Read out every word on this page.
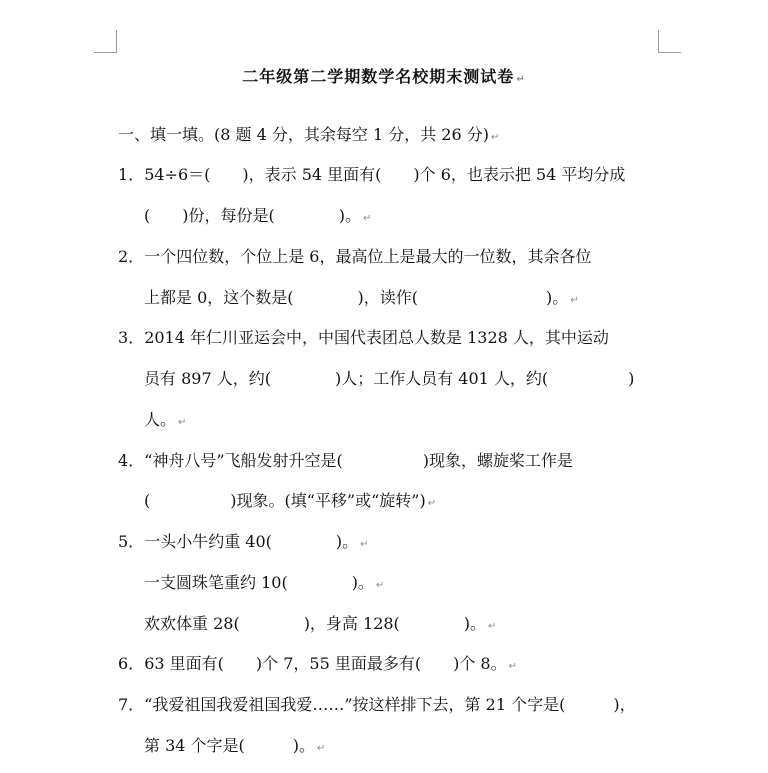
二年级第二学期数学名校期末测试卷 ↵
一、填一填。(8 题 4 分，其余每空 1 分，共 26 分) ↵
1．54÷6＝(　　)，表示 54 里面有(　　)个 6，也表示把 54 平均分成
(　　)份，每份是(　　　　)。 ↵
2．一个四位数，个位上是 6，最高位上是最大的一位数，其余各位
上都是 0，这个数是(　　　　)，读作(　　　　　　　　)。 ↵
3．2014 年仁川亚运会中，中国代表团总人数是 1328 人，其中运动
员有 897 人，约(　　　　)人；工作人员有 401 人，约(　　　　　)
人。 ↵
4．“神舟八号”飞船发射升空是(　　　　　)现象，螺旋桨工作是
(　　　　　)现象。(填“平移”或“旋转”) ↵
5．一头小牛约重 40(　　　　)。 ↵
一支圆珠笔重约 10(　　　　)。 ↵
欢欢体重 28(　　　　)，身高 128(　　　　)。 ↵
6．63 里面有(　　)个 7，55 里面最多有(　　)个 8。 ↵
7．“我爱祖国我爱祖国我爱……”按这样排下去，第 21 个字是(　　　)，
第 34 个字是(　　　)。 ↵
